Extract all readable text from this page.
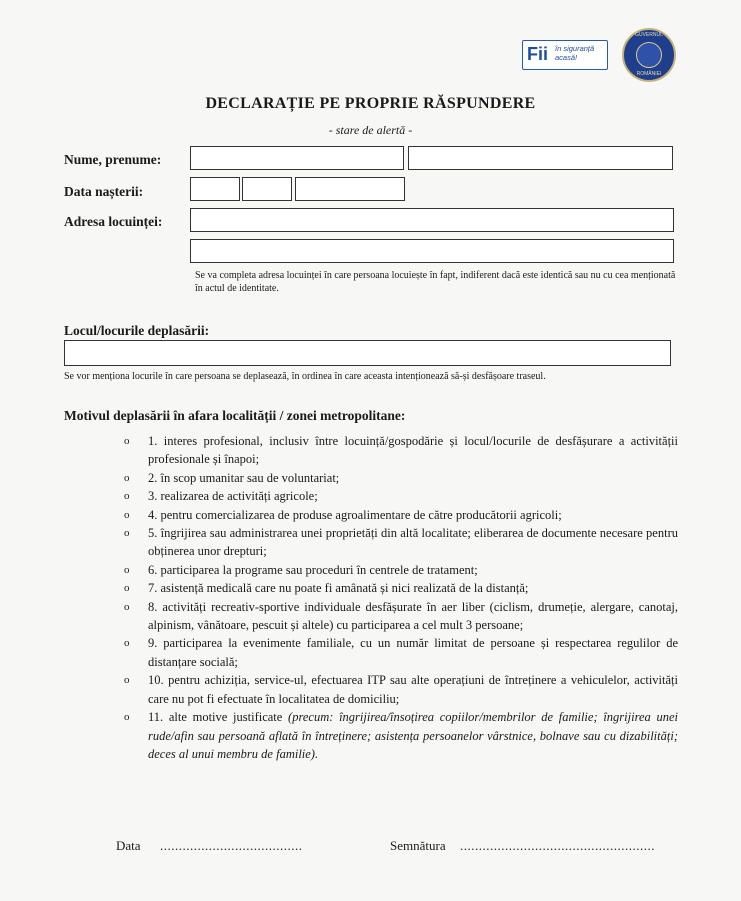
Fii în siguranță acasă!
GUVERNUL
ROMÂNIEI
DECLARAȚIE PE PROPRIE RĂSPUNDERE
- stare de alertă -
Nume, prenume:
Data nașterii:
Adresa locuinței:
Se va completa adresa locuinței în care persoana locuiește în fapt, indiferent dacă este identică sau nu cu cea menționată în actul de identitate.
Locul/locurile deplasării:
Se vor menționa locurile în care persoana se deplasează, în ordinea în care aceasta intenționează să-și desfășoare traseul.
Motivul deplasării în afara localității / zonei metropolitane:
o 1. interes profesional, inclusiv între locuință/gospodărie și locul/locurile de desfășurare a activității profesionale și înapoi;
o 2. în scop umanitar sau de voluntariat;
o 3. realizarea de activități agricole;
o 4. pentru comercializarea de produse agroalimentare de către producătorii agricoli;
o 5. îngrijirea sau administrarea unei proprietăți din altă localitate; eliberarea de documente necesare pentru obținerea unor drepturi;
o 6. participarea la programe sau proceduri în centrele de tratament;
o 7. asistență medicală care nu poate fi amânată și nici realizată de la distanță;
o 8. activități recreativ-sportive individuale desfășurate în aer liber (ciclism, drumeție, alergare, canotaj, alpinism, vânătoare, pescuit și altele) cu participarea a cel mult 3 persoane;
o 9. participarea la evenimente familiale, cu un număr limitat de persoane și respectarea regulilor de distanțare socială;
o 10. pentru achiziția, service-ul, efectuarea ITP sau alte operațiuni de întreținere a vehiculelor, activități care nu pot fi efectuate în localitatea de domiciliu;
o 11. alte motive justificate (precum: îngrijirea/însoțirea copiilor/membrilor de familie; îngrijirea unei rude/afin sau persoană aflată în întreținere; asistența persoanelor vârstnice, bolnave sau cu dizabilități; deces al unui membru de familie).
Data ......................................	Semnătura ....................................................
